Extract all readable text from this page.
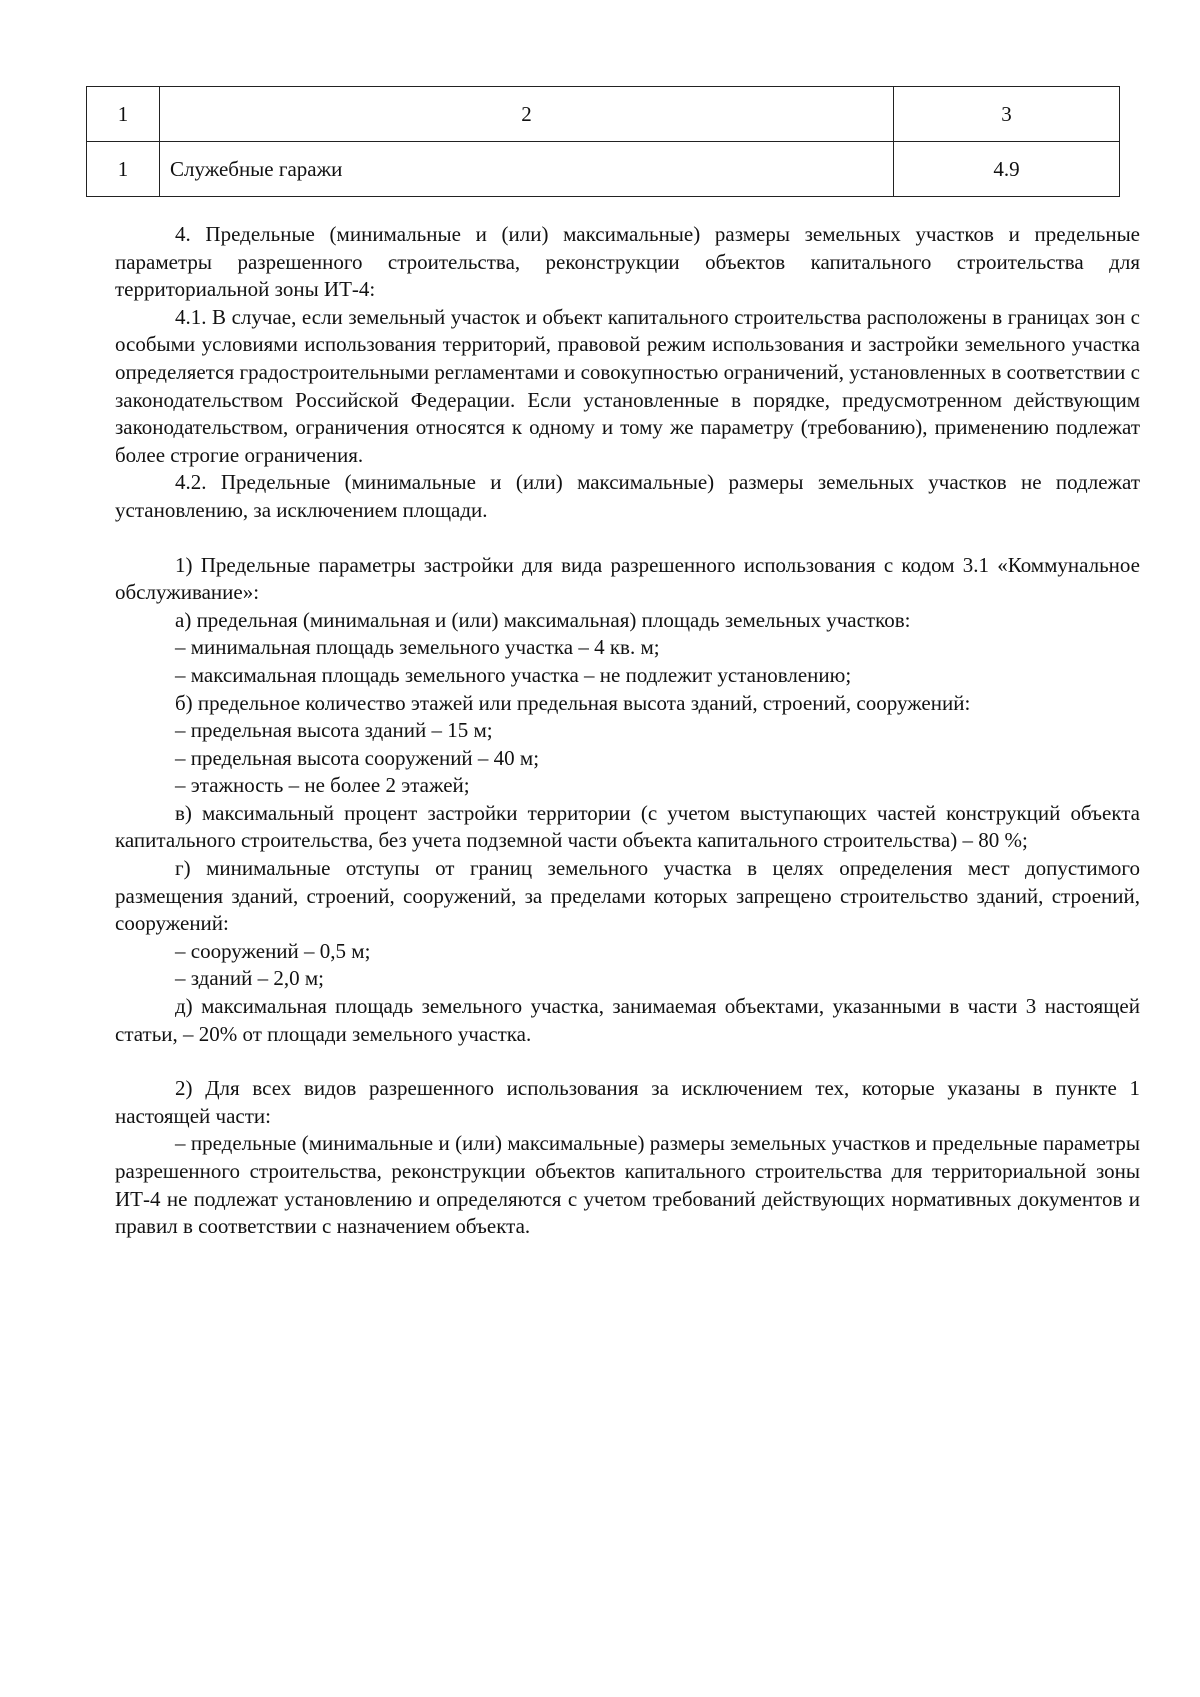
1	2	3
1	Служебные гаражи	4.9

4. Предельные (минимальные и (или) максимальные) размеры земельных участков и предельные параметры разрешенного строительства, реконструкции объектов капитального строительства для территориальной зоны ИТ-4:

4.1. В случае, если земельный участок и объект капитального строительства расположены в границах зон с особыми условиями использования территорий, правовой режим использования и застройки земельного участка определяется градостроительными регламентами и совокупностью ограничений, установленных в соответствии с законодательством Российской Федерации. Если установленные в порядке, предусмотренном действующим законодательством, ограничения относятся к одному и тому же параметру (требованию), применению подлежат более строгие ограничения.

4.2. Предельные (минимальные и (или) максимальные) размеры земельных участков не подлежат установлению, за исключением площади.

1) Предельные параметры застройки для вида разрешенного использования с кодом 3.1 «Коммунальное обслуживание»:

а) предельная (минимальная и (или) максимальная) площадь земельных участков:

– минимальная площадь земельного участка – 4 кв. м;

– максимальная площадь земельного участка – не подлежит установлению;

б) предельное количество этажей или предельная высота зданий, строений, сооружений:

– предельная высота зданий – 15 м;

– предельная высота сооружений – 40 м;

– этажность – не более 2 этажей;

в) максимальный процент застройки территории (с учетом выступающих частей конструкций объекта капитального строительства, без учета подземной части объекта капитального строительства) – 80 %;

г) минимальные отступы от границ земельного участка в целях определения мест допустимого размещения зданий, строений, сооружений, за пределами которых запрещено строительство зданий, строений, сооружений:

– сооружений – 0,5 м;

– зданий – 2,0 м;

д) максимальная площадь земельного участка, занимаемая объектами, указанными в части 3 настоящей статьи, – 20% от площади земельного участка.

2) Для всех видов разрешенного использования за исключением тех, которые указаны в пункте 1 настоящей части:

– предельные (минимальные и (или) максимальные) размеры земельных участков и предельные параметры разрешенного строительства, реконструкции объектов капитального строительства для территориальной зоны ИТ-4 не подлежат установлению и определяются с учетом требований действующих нормативных документов и правил в соответствии с назначением объекта.
